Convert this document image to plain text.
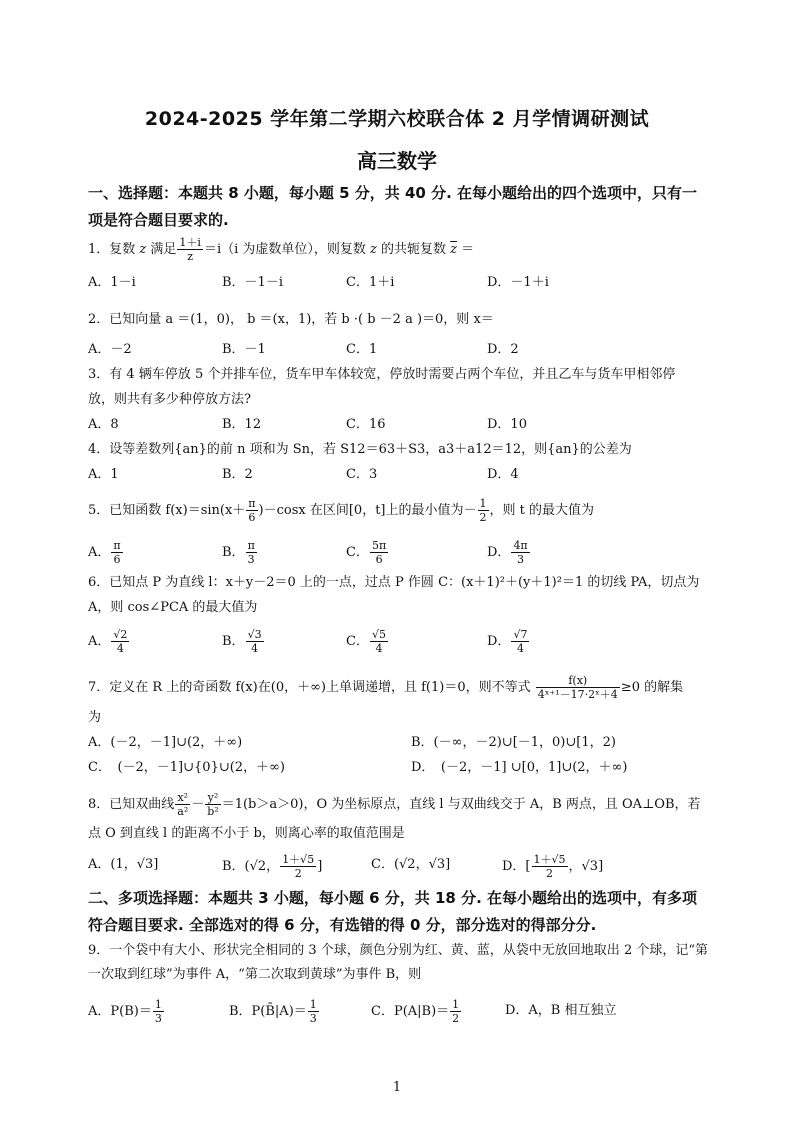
2024-2025 学年第二学期六校联合体 2 月学情调研测试
高三数学
一、选择题：本题共 8 小题，每小题 5 分，共 40 分. 在每小题给出的四个选项中，只有一项是符合题目要求的.
1．复数 z 满足 $\frac{1+i}{z} =i(i$ 为虚数单位），则复数 z 的共轭复数 $\overline{z}$ ＝
A．1－i	B．－1－i	C．1＋i	D．－1＋i
2．已知向量 a ＝(1，0)， b ＝(x，1)，若 b ·( b －2 a )＝0，则 x＝
A．－2	B．－1	C．1	D．2
3．有 4 辆车停放 5 个并排车位，货车甲车体较宽，停放时需要占两个车位，并且乙车与货车甲相邻停
放，则共有多少种停放方法?
A．8	B．12	C．16	D．10
4．设等差数列{an}的前 n 项和为 Sn，若 S12＝63＋S3，a3＋a12＝12，则{an}的公差为
A．1	B．2	C．3	D．4
5．已知函数 $f(x)=\sin(x+ \frac{\pi}{6} )-\cos x$ 在区间[0，t]上的最小值为－ $\frac{1}{2}$ ，则 t 的最大值为
A． $\frac{\pi}{6}$	B． $\frac{\pi}{3}$	C． $\frac{5\pi}{6}$	D． $\frac{4\pi}{3}$
6．已知点 P 为直线 l：x＋y－2＝0 上的一点，过点 P 作圆 C：(x＋1)²＋(y＋1)²＝1 的切线 PA，切点为
A，则 cos∠PCA 的最大值为
A． $\frac{√2}{4}$	B． $\frac{√3}{4}$	C． $\frac{√5}{4}$	D． $\frac{√7}{4}$
7．定义在 R 上的奇函数 f(x)在(0，＋∞)上单调递增，且 f(1)＝0，则不等式 $\frac{f(x)}{\text{4ˣ⁺¹－17·2ˣ＋4}} \ge 0$ 的解集
为
A．(－2，－1]∪(2，＋∞)	B．(－∞，－2)∪[－1，0)∪[1，2)
C．　(－2，－1]∪{0}∪(2，＋∞)	D．　(－2，－1] ∪[0，1]∪(2，＋∞)
8．已知双曲线 $\frac{\text{x²}}{\text{a²}} - \frac{\text{y²}}{\text{b²}} =1(b>a>0)$，O 为坐标原点，直线 l 与双曲线交于 A，B 两点，且 OA⊥OB，若
点 O 到直线 l 的距离不小于 b，则离心率的取值范围是
A．(1，√3]	B．(√2， $\frac{1+√5}{2}$ ]	C．(√2，√3]	D．[ $\frac{1+√5}{2}$ ，√3]
二、多项选择题：本题共 3 小题，每小题 6 分，共 18 分. 在每小题给出的选项中，有多项符合题目要求. 全部选对的得 6 分，有选错的得 0 分，部分选对的得部分分.
9．一个袋中有大小、形状完全相同的 3 个球，颜色分别为红、黄、蓝，从袋中无放回地取出 2 个球，记“第
一次取到红球”为事件 A，“第二次取到黄球”为事件 B，则
A．$P(B)= \frac{1}{3}$	B．P(B̄|A)＝ $\frac{1}{3}$	C．$P(A|B)= \frac{1}{2}$	D．A，B 相互独立
1
